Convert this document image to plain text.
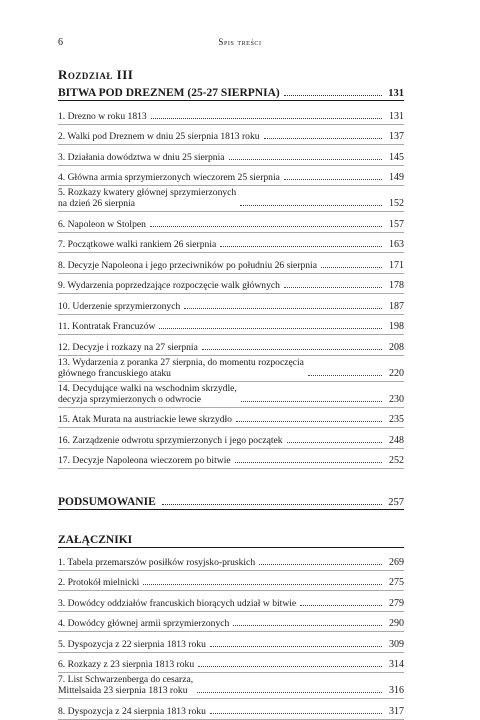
6	Spis treści
Rozdział III
BITWA POD DREZNEM (25-27 SIERPNIA)	131
1. Drezno w roku 1813	131
2. Walki pod Dreznem w dniu 25 sierpnia 1813 roku	137
3. Działania dowództwa w dniu 25 sierpnia	145
4. Główna armia sprzymierzonych wieczorem 25 sierpnia	149
5. Rozkazy kwatery głównej sprzymierzonych
na dzień 26 sierpnia	152
6. Napoleon w Stolpen	157
7. Początkowe walki rankiem 26 sierpnia	163
8. Decyzje Napoleona i jego przeciwników po południu 26 sierpnia	171
9. Wydarzenia poprzedzające rozpoczęcie walk głównych	178
10. Uderzenie sprzymierzonych	187
11. Kontratak Francuzów	198
12. Decyzje i rozkazy na 27 sierpnia	208
13. Wydarzenia z poranka 27 sierpnia, do momentu rozpoczęcia
głównego francuskiego ataku	220
14. Decydujące walki na wschodnim skrzydle,
decyzja sprzymierzonych o odwrocie	230
15. Atak Murata na austriackie lewe skrzydło	235
16. Zarządzenie odwrotu sprzymierzonych i jego początek	248
17. Decyzje Napoleona wieczorem po bitwie	252
PODSUMOWANIE	257
ZAŁĄCZNIKI
1. Tabela przemarszów posiłków rosyjsko-pruskich	269
2. Protokół mielnicki	275
3. Dowódcy oddziałów francuskich biorących udział w bitwie	279
4. Dowódcy głównej armii sprzymierzonych	290
5. Dyspozycja z 22 sierpnia 1813 roku	309
6. Rozkazy z 23 sierpnia 1813 roku	314
7. List Schwarzenberga do cesarza,
Mittelsaida 23 sierpnia 1813 roku	316
8. Dyspozycja z 24 sierpnia 1813 roku	317
